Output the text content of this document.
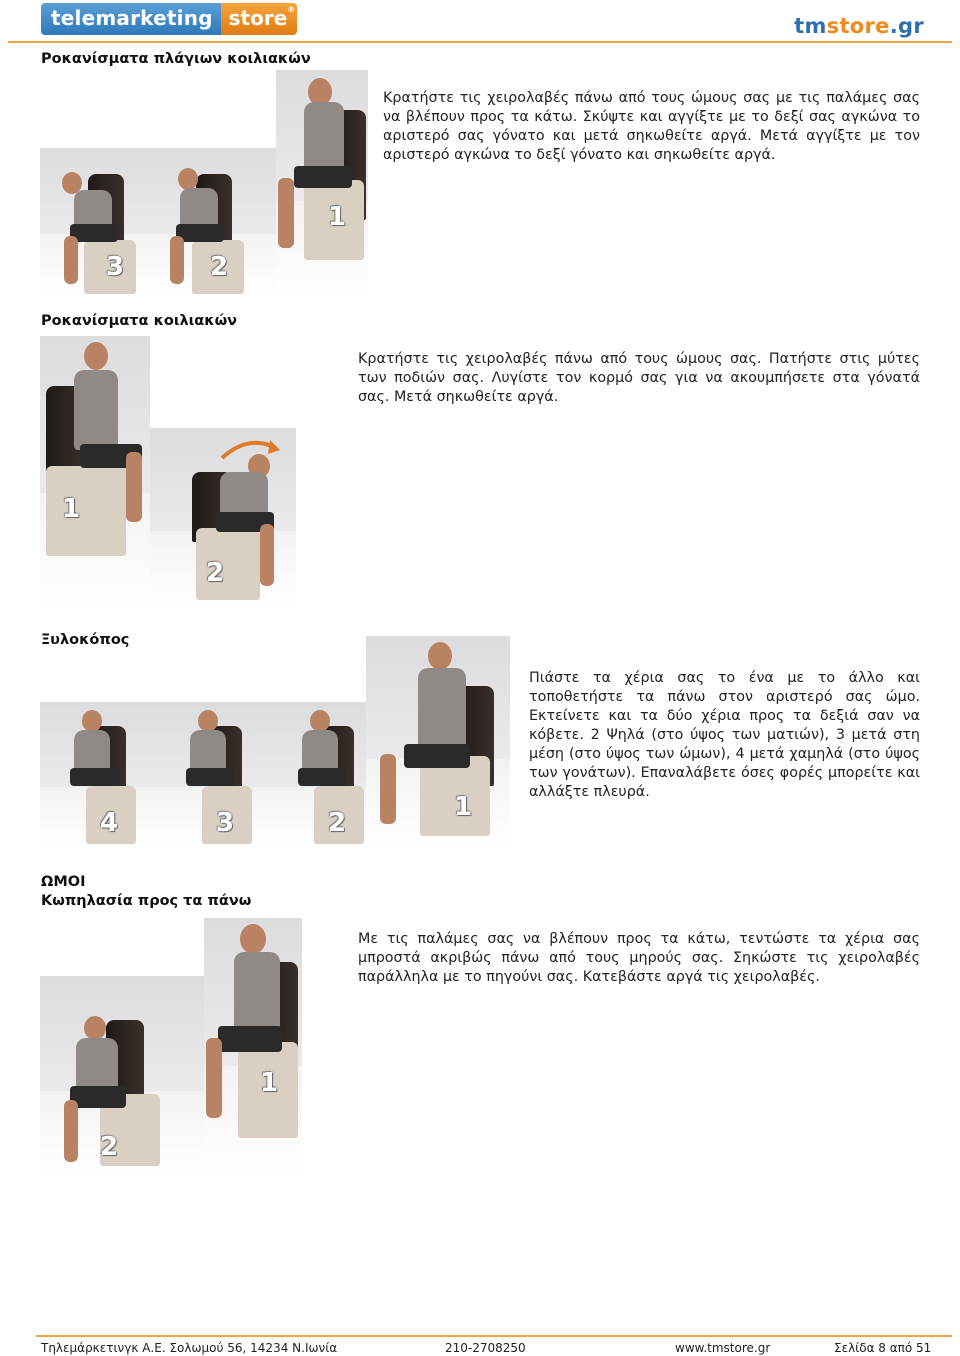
telemarketing store ®
tmstore.gr
Ροκανίσματα πλάγιων κοιλιακών
3	2
1
Κρατήστε τις χειρολαβές πάνω από τους ώμους σας με τις παλάμες σας να βλέπουν προς τα κάτω. Σκύψτε και αγγίξτε με το δεξί σας αγκώνα το αριστερό σας γόνατο και μετά σηκωθείτε αργά. Μετά αγγίξτε με τον αριστερό αγκώνα το δεξί γόνατο και σηκωθείτε αργά.
Ροκανίσματα κοιλιακών
1
2
Κρατήστε τις χειρολαβές πάνω από τους ώμους σας. Πατήστε στις μύτες των ποδιών σας. Λυγίστε τον κορμό σας για να ακουμπήσετε στα γόνατά σας. Μετά σηκωθείτε αργά.
Ξυλοκόπος
4	3	2
1
Πιάστε τα χέρια σας το ένα με το άλλο και τοποθετήστε τα πάνω στον αριστερό σας ώμο. Εκτείνετε και τα δύο χέρια προς τα δεξιά σαν να κόβετε. 2 Ψηλά (στο ύψος των ματιών), 3 μετά στη μέση (στο ύψος των ώμων), 4 μετά χαμηλά (στο ύψος των γονάτων). Επαναλάβετε όσες φορές μπορείτε και αλλάξτε πλευρά.
ΩΜΟΙ
Κωπηλασία προς τα πάνω
2
1
Με τις παλάμες σας να βλέπουν προς τα κάτω, τεντώστε τα χέρια σας μπροστά ακριβώς πάνω από τους μηρούς σας. Σηκώστε τις χειρολαβές παράλληλα με το πηγούνι σας. Κατεβάστε αργά τις χειρολαβές.
Τηλεμάρκετινγκ Α.Ε. Σολωμού 56, 14234 Ν.Ιωνία	210-2708250	www.tmstore.gr	Σελίδα 8 από 51
